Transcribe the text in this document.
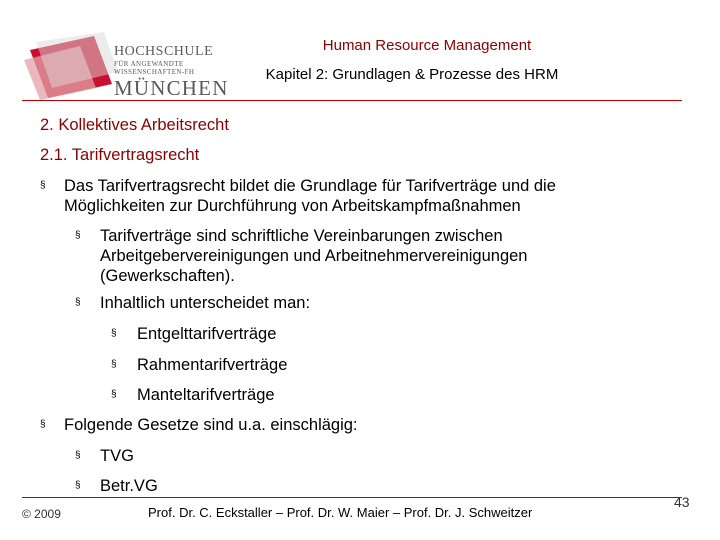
HOCHSCHULE
FÜR ANGEWANDTE
WISSENSCHAFTEN-FH
MÜNCHEN
Human Resource Management
Kapitel 2: Grundlagen & Prozesse des HRM
2. Kollektives Arbeitsrecht
2.1. Tarifvertragsrecht
§ Das Tarifvertragsrecht bildet die Grundlage für Tarifverträge und die
Möglichkeiten zur Durchführung von Arbeitskampfmaßnahmen
§ Tarifverträge sind schriftliche Vereinbarungen zwischen
Arbeitgebervereinigungen und Arbeitnehmervereinigungen
(Gewerkschaften).
§ Inhaltlich unterscheidet man:
§ Entgelttarifverträge
§ Rahmentarifverträge
§ Manteltarifverträge
§ Folgende Gesetze sind u.a. einschlägig:
§ TVG
§ Betr.VG
© 2009	Prof. Dr. C. Eckstaller – Prof. Dr. W. Maier – Prof. Dr. J. Schweitzer
43
